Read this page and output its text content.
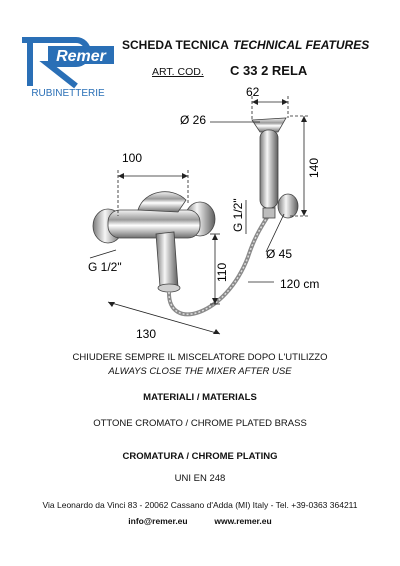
Remer
RUBINETTERIE
SCHEDA TECNICA TECHNICAL FEATURES
ART. COD. C 33 2 RELA
100
G 1/2"	110
130
62
Ø 26
140
G 1/2"
Ø 45
120 cm
CHIUDERE SEMPRE IL MISCELATORE DOPO L'UTILIZZO
ALWAYS CLOSE THE MIXER AFTER USE
MATERIALI / MATERIALS
OTTONE CROMATO / CHROME PLATED BRASS
CROMATURA / CHROME PLATING
UNI EN 248
Via Leonardo da Vinci 83 - 20062 Cassano d'Adda (MI) Italy - Tel. +39-0363 364211
info@remer.eu	www.remer.eu
